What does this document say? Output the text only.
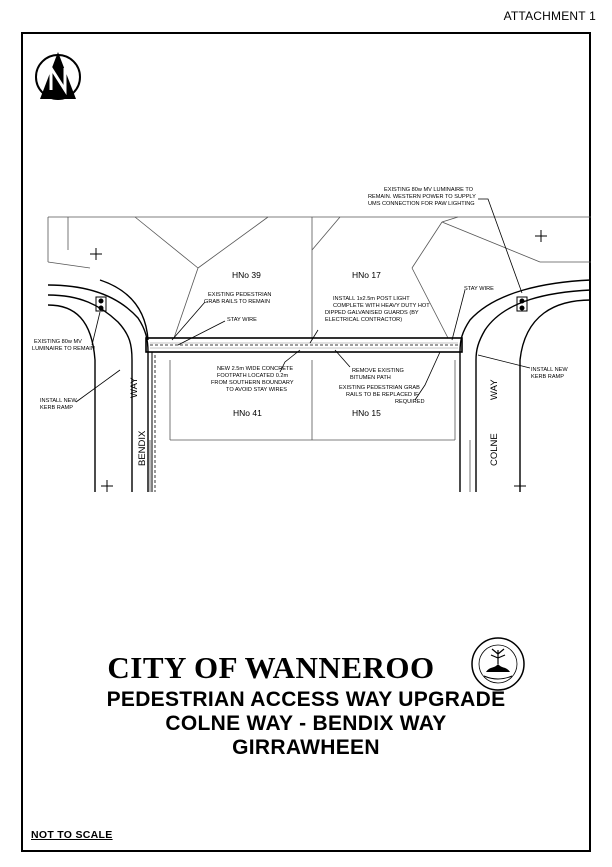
ATTACHMENT 1
HNo 39	HNo 17
HNo 41	HNo 15
BENDIX
WAY
COLNE
WAY
EXISTING 80w MV
LUMINAIRE TO REMAIN
INSTALL NEW
KERB RAMP
EXISTING PEDESTRIAN
GRAB RAILS TO REMAIN
STAY WIRE
NEW 2.5m WIDE CONCRETE
FOOTPATH LOCATED 0.2m
FROM SOUTHERN BOUNDARY
TO AVOID STAY WIRES
INSTALL 1x2.5m POST LIGHT
COMPLETE WITH HEAVY DUTY HOT
DIPPED GALVANISED GUARDS (BY
ELECTRICAL CONTRACTOR)
REMOVE EXISTING
BITUMEN PATH
EXISTING PEDESTRIAN GRAB
RAILS TO BE REPLACED IF
REQUIRED
STAY WIRE
EXISTING 80w MV LUMINAIRE TO
REMAIN. WESTERN POWER TO SUPPLY
UMS CONNECTION FOR PAW LIGHTING
INSTALL NEW
KERB RAMP
CITY OF WANNEROO
PEDESTRIAN ACCESS WAY UPGRADE
COLNE WAY - BENDIX WAY
GIRRAWHEEN
NOT TO SCALE
